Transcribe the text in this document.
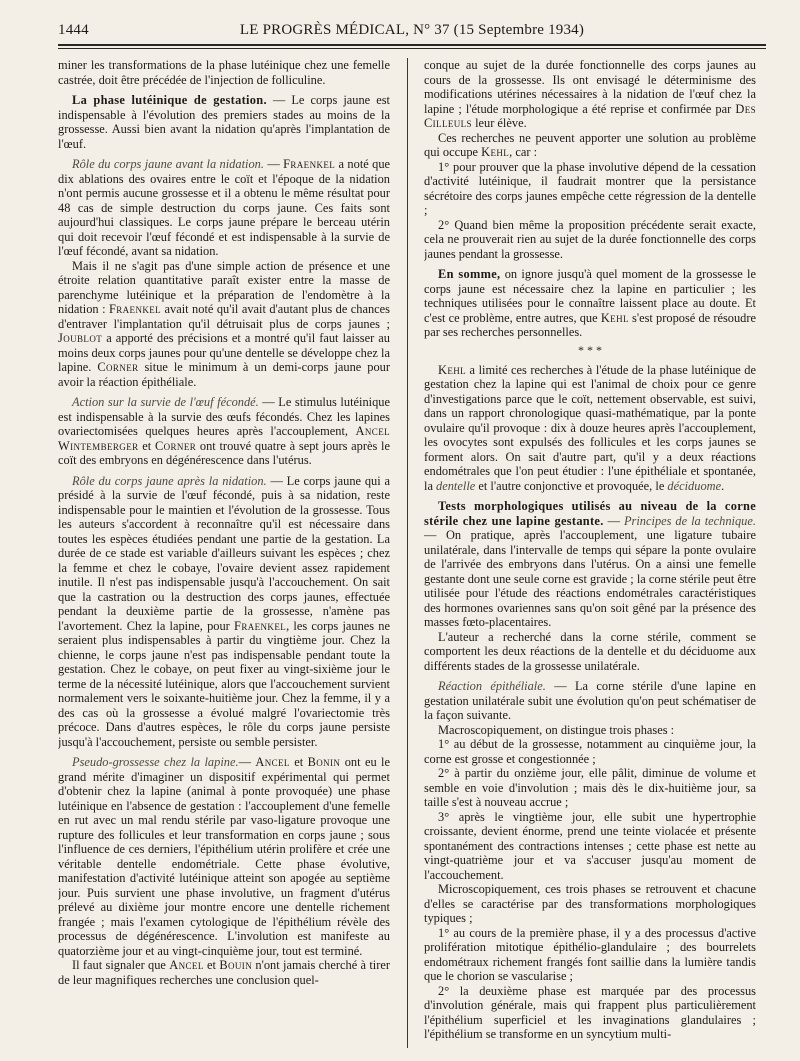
1444	LE PROGRÈS MÉDICAL, N° 37 (15 Septembre 1934)

miner les transformations de la phase lutéinique chez une femelle castrée, doit être précédée de l'injection de folliculine.

La phase lutéinique de gestation. — Le corps jaune est indispensable à l'évolution des premiers stades au moins de la grossesse. Aussi bien avant la nidation qu'après l'implantation de l'œuf.

Rôle du corps jaune avant la nidation. — Fraenkel a noté que dix ablations des ovaires entre le coït et l'époque de la nidation n'ont permis aucune grossesse et il a obtenu le même résultat pour 48 cas de simple destruction du corps jaune. Ces faits sont aujourd'hui classiques. Le corps jaune prépare le berceau utérin qui doit recevoir l'œuf fécondé et est indispensable à la survie de l'œuf fécondé, avant sa nidation.

Mais il ne s'agit pas d'une simple action de présence et une étroite relation quantitative paraît exister entre la masse de parenchyme lutéinique et la préparation de l'endomètre à la nidation : Fraenkel avait noté qu'il avait d'autant plus de chances d'entraver l'implantation qu'il détruisait plus de corps jaunes ; Joublot a apporté des précisions et a montré qu'il faut laisser au moins deux corps jaunes pour qu'une dentelle se développe chez la lapine. Corner situe le minimum à un demi-corps jaune pour avoir la réaction épithéliale.

Action sur la survie de l'œuf fécondé. — Le stimulus lutéinique est indispensable à la survie des œufs fécondés. Chez les lapines ovariectomisées quelques heures après l'accouplement, Ancel Wintemberger et Corner ont trouvé quatre à sept jours après le coït des embryons en dégénérescence dans l'utérus.

Rôle du corps jaune après la nidation. — Le corps jaune qui a présidé à la survie de l'œuf fécondé, puis à sa nidation, reste indispensable pour le maintien et l'évolution de la grossesse. Tous les auteurs s'accordent à reconnaître qu'il est nécessaire dans toutes les espèces étudiées pendant une partie de la gestation. La durée de ce stade est variable d'ailleurs suivant les espèces ; chez la femme et chez le cobaye, l'ovaire devient assez rapidement inutile. Il n'est pas indispensable jusqu'à l'accouchement. On sait que la castration ou la destruction des corps jaunes, effectuée pendant la deuxième partie de la grossesse, n'amène pas l'avortement. Chez la lapine, pour Fraenkel, les corps jaunes ne seraient plus indispensables à partir du vingtième jour. Chez la chienne, le corps jaune n'est pas indispensable pendant toute la gestation. Chez le cobaye, on peut fixer au vingt-sixième jour le terme de la nécessité lutéinique, alors que l'accouchement survient normalement vers le soixante-huitième jour. Chez la femme, il y a des cas où la grossesse a évolué malgré l'ovariectomie très précoce. Dans d'autres espèces, le rôle du corps jaune persiste jusqu'à l'accouchement, persiste ou semble persister.

Pseudo-grossesse chez la lapine.— Ancel et Bonin ont eu le grand mérite d'imaginer un dispositif expérimental qui permet d'obtenir chez la lapine (animal à ponte provoquée) une phase lutéinique en l'absence de gestation : l'accouplement d'une femelle en rut avec un mal rendu stérile par vaso-ligature provoque une rupture des follicules et leur transformation en corps jaune ; sous l'influence de ces derniers, l'épithélium utérin prolifère et crée une véritable dentelle endométriale. Cette phase évolutive, manifestation d'activité lutéinique atteint son apogée au septième jour. Puis survient une phase involutive, un fragment d'utérus prélevé au dixième jour montre encore une dentelle richement frangée ; mais l'examen cytologique de l'épithélium révèle des processus de dégénérescence. L'involution est manifeste au quatorzième jour et au vingt-cinquième jour, tout est terminé.

Il faut signaler que Ancel et Bouin n'ont jamais cherché à tirer de leur magnifiques recherches une conclusion quel-

conque au sujet de la durée fonctionnelle des corps jaunes au cours de la grossesse. Ils ont envisagé le déterminisme des modifications utérines nécessaires à la nidation de l'œuf chez la lapine ; l'étude morphologique a été reprise et confirmée par Des Cilleuls leur élève.

Ces recherches ne peuvent apporter une solution au problème qui occupe Kehl, car :

1° pour prouver que la phase involutive dépend de la cessation d'activité lutéinique, il faudrait montrer que la persistance sécrétoire des corps jaunes empêche cette régression de la dentelle ;

2° Quand bien même la proposition précédente serait exacte, cela ne prouverait rien au sujet de la durée fonctionnelle des corps jaunes pendant la grossesse.

En somme, on ignore jusqu'à quel moment de la grossesse le corps jaune est nécessaire chez la lapine en particulier ; les techniques utilisées pour le connaître laissent place au doute. Et c'est ce problème, entre autres, que Kehl s'est proposé de résoudre par ses recherches personnelles.

* * *

Kehl a limité ces recherches à l'étude de la phase lutéinique de gestation chez la lapine qui est l'animal de choix pour ce genre d'investigations parce que le coït, nettement observable, est suivi, dans un rapport chronologique quasi-mathématique, par la ponte ovulaire qu'il provoque : dix à douze heures après l'accouplement, les ovocytes sont expulsés des follicules et les corps jaunes se forment alors. On sait d'autre part, qu'il y a deux réactions endométrales que l'on peut étudier : l'une épithéliale et spontanée, la dentelle et l'autre conjonctive et provoquée, le déciduome.

Tests morphologiques utilisés au niveau de la corne stérile chez une lapine gestante. — Principes de la technique. — On pratique, après l'accouplement, une ligature tubaire unilatérale, dans l'intervalle de temps qui sépare la ponte ovulaire de l'arrivée des embryons dans l'utérus. On a ainsi une femelle gestante dont une seule corne est gravide ; la corne stérile peut être utilisée pour l'étude des réactions endométrales caractéristiques des hormones ovariennes sans qu'on soit gêné par la présence des masses fœto-placentaires.

L'auteur a recherché dans la corne stérile, comment se comportent les deux réactions de la dentelle et du déciduome aux différents stades de la grossesse unilatérale.

Réaction épithéliale. — La corne stérile d'une lapine en gestation unilatérale subit une évolution qu'on peut schématiser de la façon suivante.

Macroscopiquement, on distingue trois phases :

1° au début de la grossesse, notamment au cinquième jour, la corne est grosse et congestionnée ;

2° à partir du onzième jour, elle pâlit, diminue de volume et semble en voie d'involution ; mais dès le dix-huitième jour, sa taille s'est à nouveau accrue ;

3° après le vingtième jour, elle subit une hypertrophie croissante, devient énorme, prend une teinte violacée et présente spontanément des contractions intenses ; cette phase est nette au vingt-quatrième jour et va s'accuser jusqu'au moment de l'accouchement.

Microscopiquement, ces trois phases se retrouvent et chacune d'elles se caractérise par des transformations morphologiques typiques ;

1° au cours de la première phase, il y a des processus d'active prolifération mitotique épithélio-glandulaire ; des bourrelets endométraux richement frangés font saillie dans la lumière tandis que le chorion se vascularise ;

2° la deuxième phase est marquée par des processus d'involution générale, mais qui frappent plus particulièrement l'épithélium superficiel et les invaginations glandulaires ; l'épithélium se transforme en un syncytium multi-
